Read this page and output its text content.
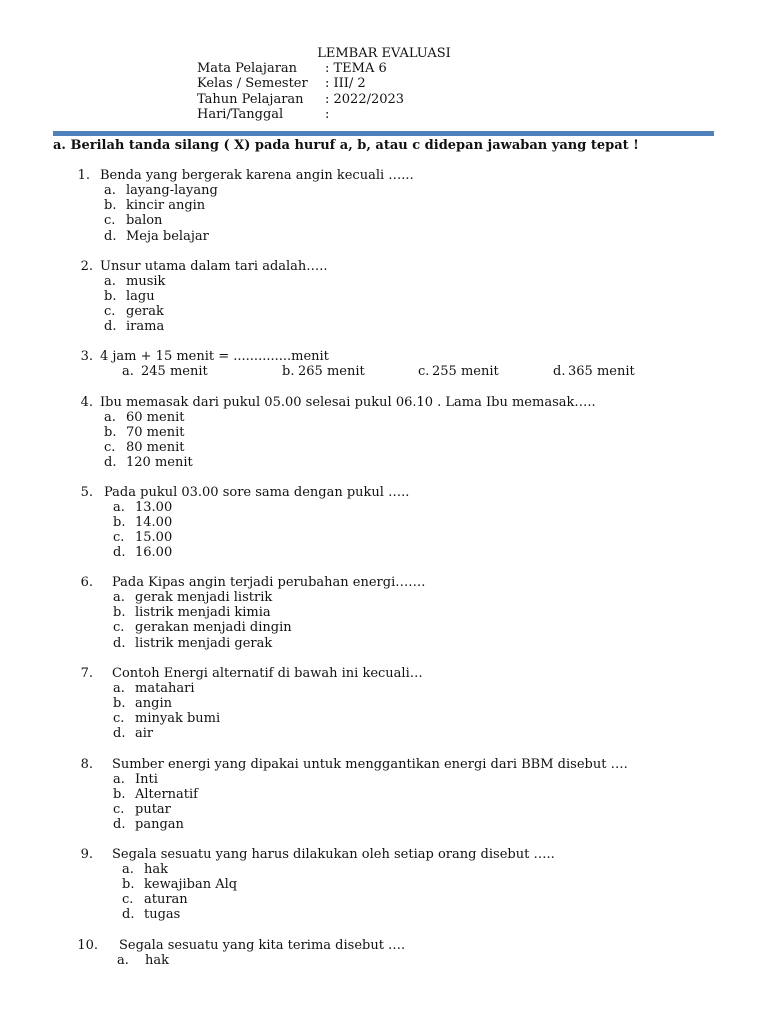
LEMBAR EVALUASI
Mata Pelajaran : TEMA 6
Kelas / Semester : III/ 2
Tahun Pelajaran : 2022/2023
Hari/Tanggal	:
a. Berilah tanda silang ( X) pada huruf a, b, atau c didepan jawaban yang tepat !
1. Benda yang bergerak karena angin kecuali …...
a. layang-layang
b. kincir angin
c. balon
d. Meja belajar
2. Unsur utama dalam tari adalah…..
a. musik
b. lagu
c. gerak
d. irama
3. 4 jam + 15 menit = ..............menit
a. 245 menit	b. 265 menit	c. 255 menit	d. 365 menit
4. Ibu memasak dari pukul 05.00 selesai pukul 06.10 . Lama Ibu memasak…..
a. 60 menit
b. 70 menit
c. 80 menit
d. 120 menit
5. Pada pukul 03.00 sore sama dengan pukul …..
a. 13.00
b. 14.00
c. 15.00
d. 16.00
6. Pada Kipas angin terjadi perubahan energi…….
a. gerak menjadi listrik
b. listrik menjadi kimia
c. gerakan menjadi dingin
d. listrik menjadi gerak
7. Contoh Energi alternatif di bawah ini kecuali…
a. matahari
b. angin
c. minyak bumi
d. air
8. Sumber energi yang dipakai untuk menggantikan energi dari BBM disebut ….
a. Inti
b. Alternatif
c. putar
d. pangan
9. Segala sesuatu yang harus dilakukan oleh setiap orang disebut …..
a. hak
b. kewajiban Alq
c. aturan
d. tugas
10. Segala sesuatu yang kita terima disebut ….
a. hak
